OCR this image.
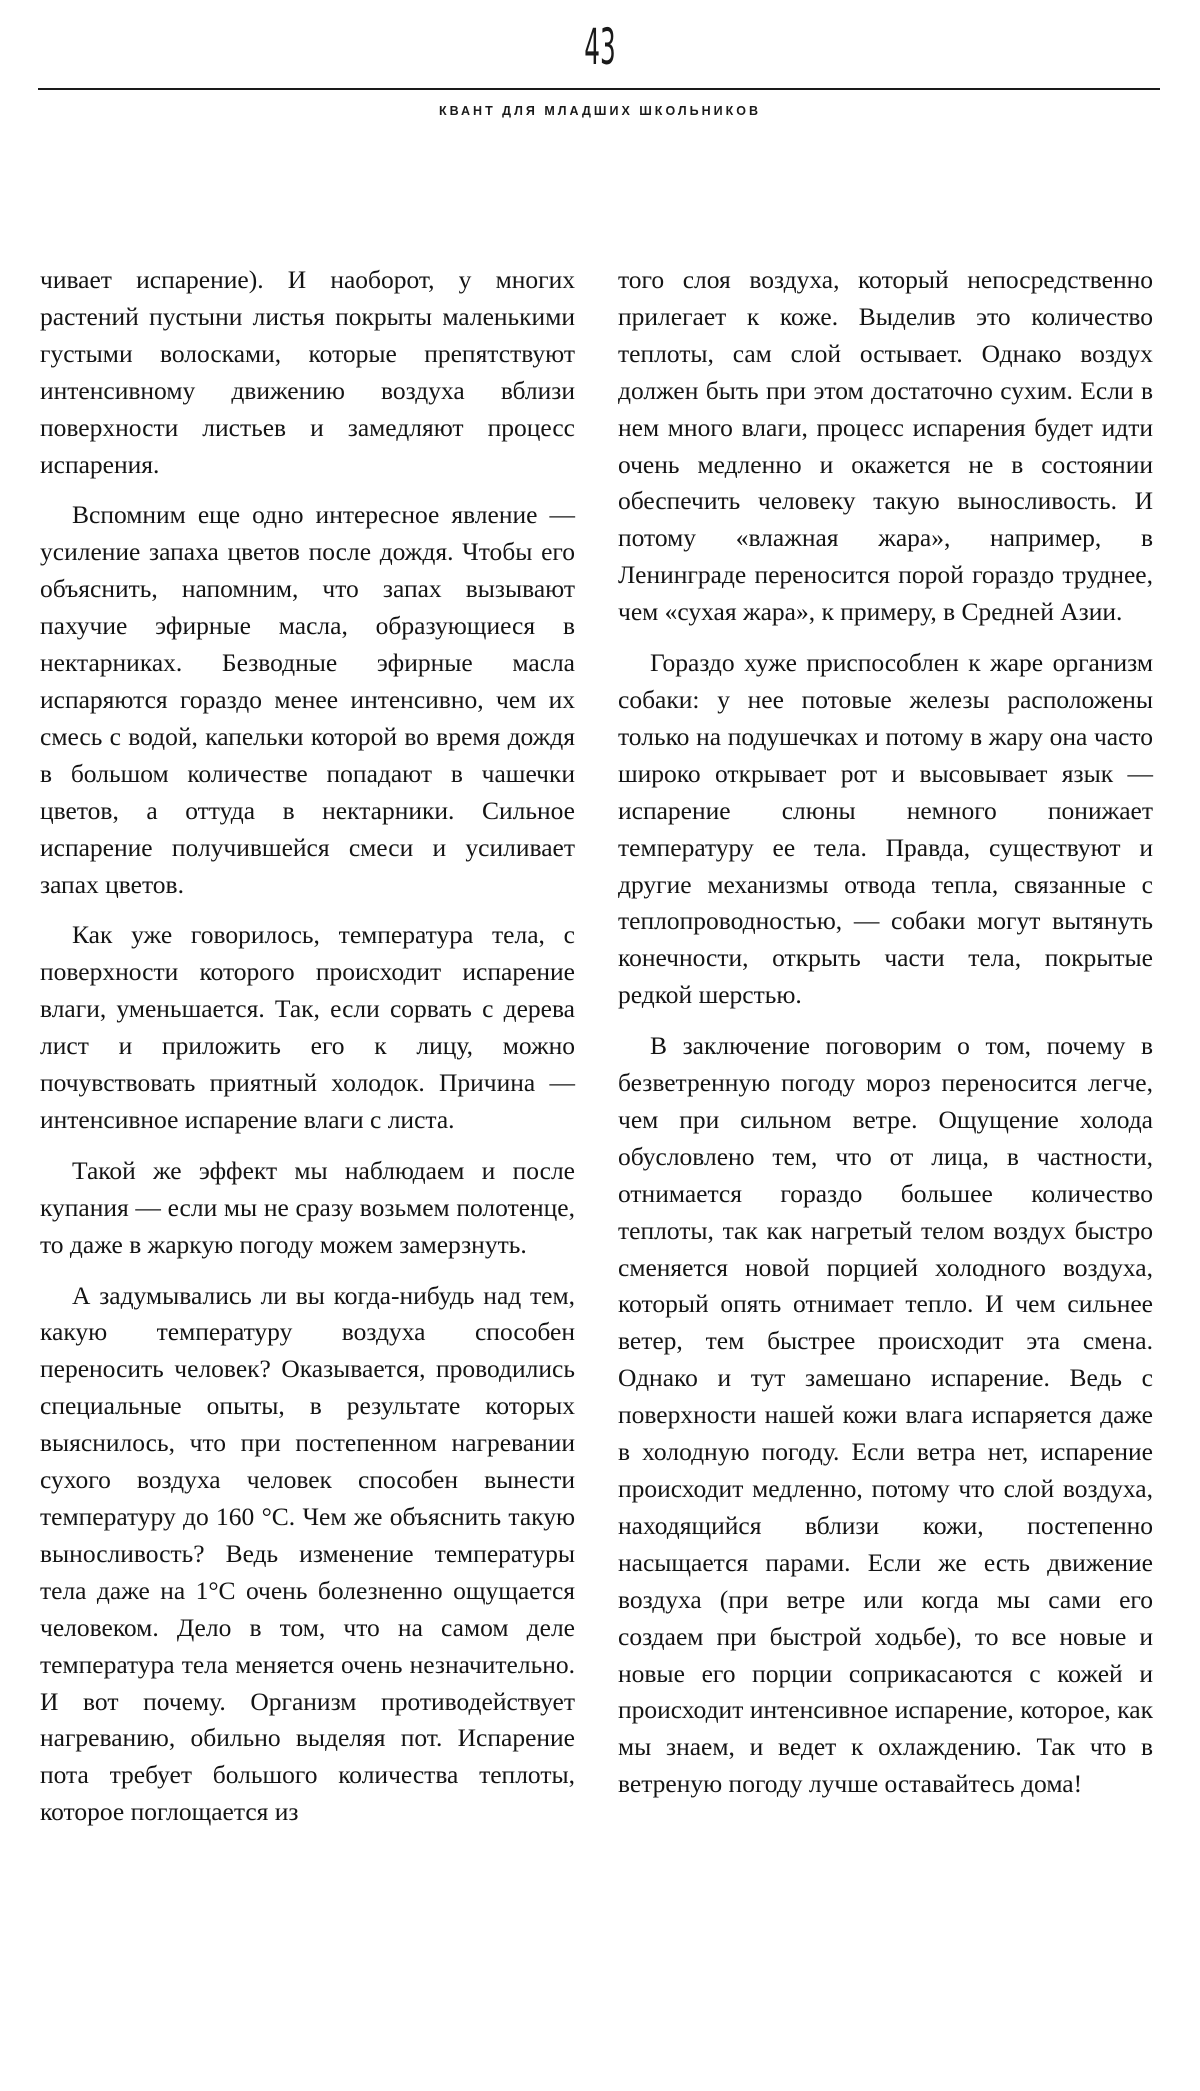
43
КВАНТ ДЛЯ МЛАДШИХ ШКОЛЬНИКОВ

чивает испарение). И наоборот, у многих растений пустыни листья покрыты маленькими густыми волосками, которые препятствуют интенсивному движению воздуха вблизи поверхности листьев и замедляют процесс испарения.

Вспомним еще одно интересное явление — усиление запаха цветов после дождя. Чтобы его объяснить, напомним, что запах вызывают пахучие эфирные масла, образующиеся в нектарниках. Безводные эфирные масла испаряются гораздо менее интенсивно, чем их смесь с водой, капельки которой во время дождя в большом количестве попадают в чашечки цветов, а оттуда в нектарники. Сильное испарение получившейся смеси и усиливает запах цветов.

Как уже говорилось, температура тела, с поверхности которого происходит испарение влаги, уменьшается. Так, если сорвать с дерева лист и приложить его к лицу, можно почувствовать приятный холодок. Причина — интенсивное испарение влаги с листа.

Такой же эффект мы наблюдаем и после купания — если мы не сразу возьмем полотенце, то даже в жаркую погоду можем замерзнуть.

А задумывались ли вы когда-нибудь над тем, какую температуру воздуха способен переносить человек? Оказывается, проводились специальные опыты, в результате которых выяснилось, что при постепенном нагревании сухого воздуха человек способен вынести температуру до 160 °С. Чем же объяснить такую выносливость? Ведь изменение температуры тела даже на 1°С очень болезненно ощущается человеком. Дело в том, что на самом деле температура тела меняется очень незначительно. И вот почему. Организм противодействует нагреванию, обильно выделяя пот. Испарение пота требует большого количества теплоты, которое поглощается из

того слоя воздуха, который непосредственно прилегает к коже. Выделив это количество теплоты, сам слой остывает. Однако воздух должен быть при этом достаточно сухим. Если в нем много влаги, процесс испарения будет идти очень медленно и окажется не в состоянии обеспечить человеку такую выносливость. И потому «влажная жара», например, в Ленинграде переносится порой гораздо труднее, чем «сухая жара», к примеру, в Средней Азии.

Гораздо хуже приспособлен к жаре организм собаки: у нее потовые железы расположены только на подушечках и потому в жару она часто широко открывает рот и высовывает язык — испарение слюны немного понижает температуру ее тела. Правда, существуют и другие механизмы отвода тепла, связанные с теплопроводностью, — собаки могут вытянуть конечности, открыть части тела, покрытые редкой шерстью.

В заключение поговорим о том, почему в безветренную погоду мороз переносится легче, чем при сильном ветре. Ощущение холода обусловлено тем, что от лица, в частности, отнимается гораздо большее количество теплоты, так как нагретый телом воздух быстро сменяется новой порцией холодного воздуха, который опять отнимает тепло. И чем сильнее ветер, тем быстрее происходит эта смена. Однако и тут замешано испарение. Ведь с поверхности нашей кожи влага испаряется даже в холодную погоду. Если ветра нет, испарение происходит медленно, потому что слой воздуха, находящийся вблизи кожи, постепенно насыщается парами. Если же есть движение воздуха (при ветре или когда мы сами его создаем при быстрой ходьбе), то все новые и новые его порции соприкасаются с кожей и происходит интенсивное испарение, которое, как мы знаем, и ведет к охлаждению. Так что в ветреную погоду лучше оставайтесь дома!
